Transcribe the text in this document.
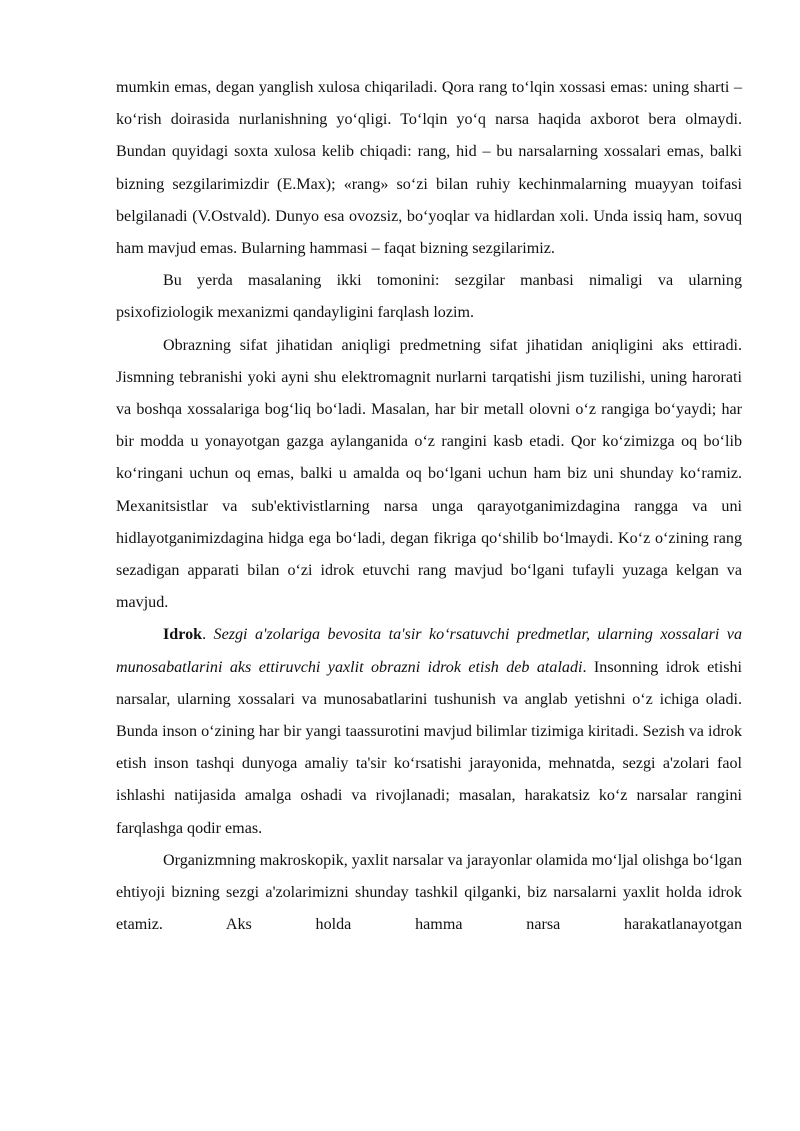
mumkin emas, degan yanglish xulosa chiqariladi. Qora rang to‘lqin xossasi emas: uning sharti – ko‘rish doirasida nurlanishning yo‘qligi. To‘lqin yo‘q narsa haqida axborot bera olmaydi. Bundan quyidagi soxta xulosa kelib chiqadi: rang, hid – bu narsalarning xossalari emas, balki bizning sezgilarimizdir (E.Max); «rang» so‘zi bilan ruhiy kechinmalarning muayyan toifasi belgilanadi (V.Ostvald). Dunyo esa ovozsiz, bo‘yoqlar va hidlardan xoli. Unda issiq ham, sovuq ham mavjud emas. Bularning hammasi – faqat bizning sezgilarimiz.

Bu yerda masalaning ikki tomonini: sezgilar manbasi nimaligi va ularning psixofiziologik mexanizmi qandayligini farqlash lozim.

Obrazning sifat jihatidan aniqligi predmetning sifat jihatidan aniqligini aks ettiradi. Jismning tebranishi yoki ayni shu elektromagnit nurlarni tarqatishi jism tuzilishi, uning harorati va boshqa xossalariga bog‘liq bo‘ladi. Masalan, har bir metall olovni o‘z rangiga bo‘yaydi; har bir modda u yonayotgan gazga aylanganida o‘z rangini kasb etadi. Qor ko‘zimizga oq bo‘lib ko‘ringani uchun oq emas, balki u amalda oq bo‘lgani uchun ham biz uni shunday ko‘ramiz. Mexanitsistlar va sub'ektivistlarning narsa unga qarayotganimizdagina rangga va uni hidlayotganimizdagina hidga ega bo‘ladi, degan fikriga qo‘shilib bo‘lmaydi. Ko‘z o‘zining rang sezadigan apparati bilan o‘zi idrok etuvchi rang mavjud bo‘lgani tufayli yuzaga kelgan va mavjud.

Idrok. Sezgi a'zolariga bevosita ta'sir ko‘rsatuvchi predmetlar, ularning xossalari va munosabatlarini aks ettiruvchi yaxlit obrazni idrok etish deb ataladi. Insonning idrok etishi narsalar, ularning xossalari va munosabatlarini tushunish va anglab yetishni o‘z ichiga oladi. Bunda inson o‘zining har bir yangi taassurotini mavjud bilimlar tizimiga kiritadi. Sezish va idrok etish inson tashqi dunyoga amaliy ta'sir ko‘rsatishi jarayonida, mehnatda, sezgi a'zolari faol ishlashi natijasida amalga oshadi va rivojlanadi; masalan, harakatsiz ko‘z narsalar rangini farqlashga qodir emas.

Organizmning makroskopik, yaxlit narsalar va jarayonlar olamida mo‘ljal olishga bo‘lgan ehtiyoji bizning sezgi a'zolarimizni shunday tashkil qilganki, biz narsalarni yaxlit holda idrok etamiz. Aks holda hamma narsa harakatlanayotgan
